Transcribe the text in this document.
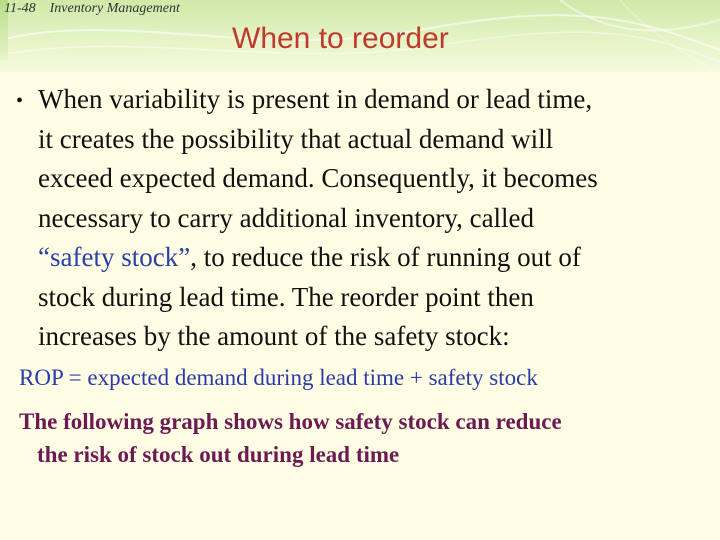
11-48 Inventory Management
When to reorder
• When variability is present in demand or lead time,
it creates the possibility that actual demand will
exceed expected demand. Consequently, it becomes
necessary to carry additional inventory, called
“safety stock”, to reduce the risk of running out of
stock during lead time. The reorder point then
increases by the amount of the safety stock:
ROP = expected demand during lead time + safety stock
The following graph shows how safety stock can reduce
the risk of stock out during lead time
